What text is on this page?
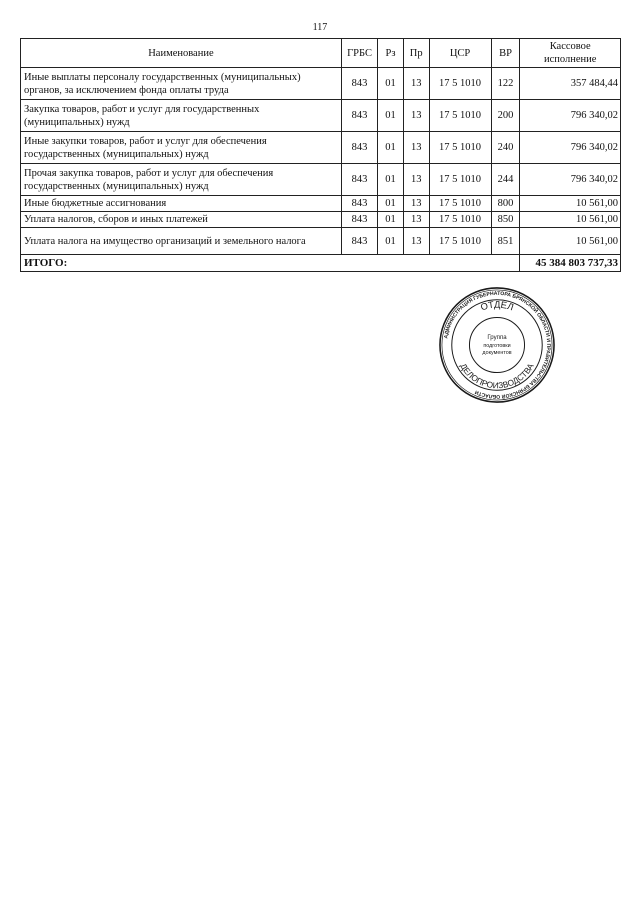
117
Наименование	ГРБС	Рз	Пр	ЦСР	ВР	Кассовое исполнение
Иные выплаты персоналу государственных (муниципальных) органов, за исключением фонда оплаты труда	843	01	13	17 5 1010	122	357 484,44
Закупка товаров, работ и услуг для государственных (муниципальных) нужд	843	01	13	17 5 1010	200	796 340,02
Иные закупки товаров, работ и услуг для обеспечения государственных (муниципальных) нужд	843	01	13	17 5 1010	240	796 340,02
Прочая закупка товаров, работ и услуг для обеспечения государственных (муниципальных) нужд	843	01	13	17 5 1010	244	796 340,02
Иные бюджетные ассигнования	843	01	13	17 5 1010	800	10 561,00
Уплата налогов, сборов и иных платежей	843	01	13	17 5 1010	850	10 561,00
Уплата налога на имущество организаций и земельного налога	843	01	13	17 5 1010	851	10 561,00
ИТОГО:						45 384 803 737,33
АДМИНИСТРАЦИЯ ГУБЕРНАТОРА БРЯНСКОЙ ОБЛАСТИ И ПРАВИТЕЛЬСТВА БРЯНСКОЙ ОБЛАСТИ
ОТДЕЛ
ДЕЛОПРОИЗВОДСТВА
Группа
подготовки
документов
